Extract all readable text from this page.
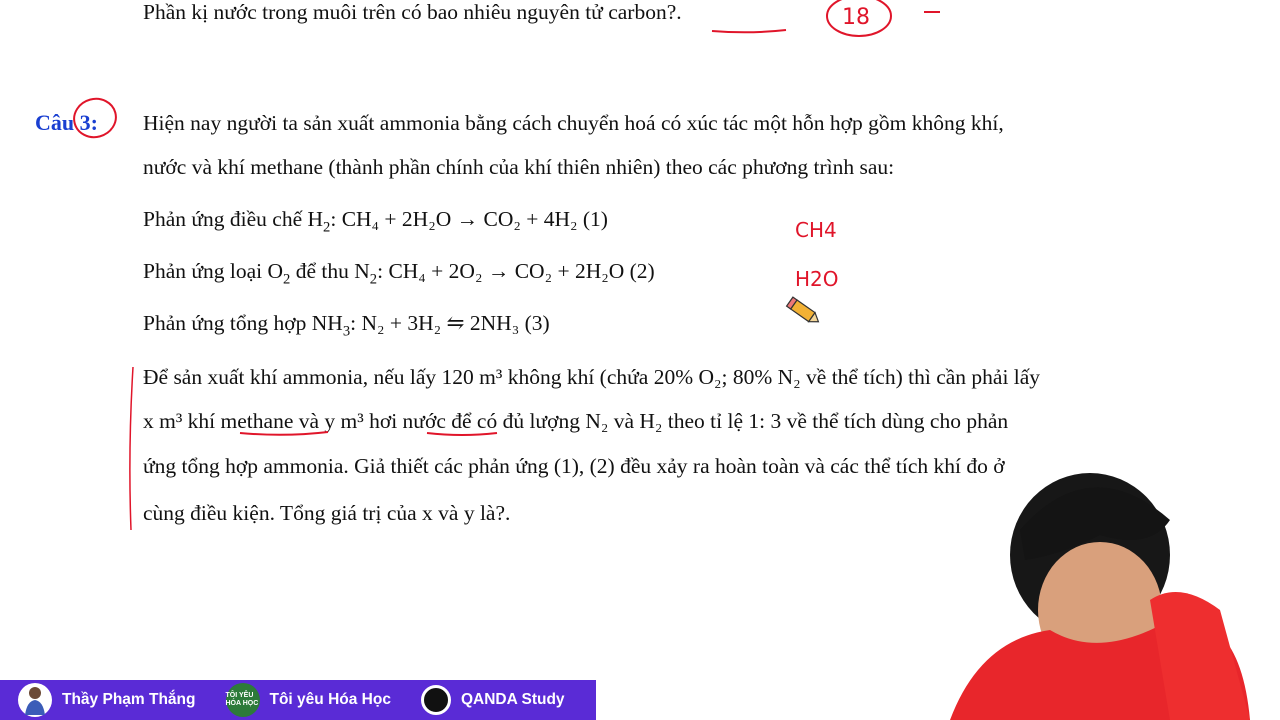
Phần kị nước trong muôi trên có bao nhiêu nguyên tử carbon?.
Câu 3: Hiện nay người ta sản xuất ammonia bằng cách chuyển hoá có xúc tác một hỗn hợp gồm không khí,
nước và khí methane (thành phần chính của khí thiên nhiên) theo các phương trình sau:
Phản ứng điều chế $H_2$: CH₄ + 2H₂O → CO₂ + 4H₂ (1)
Phản ứng loại $O_2$ để thu $N_2$: CH₄ + 2O₂ → CO₂ + 2H₂O (2)
Phản ứng tổng hợp $NH_3$: N₂ + 3H₂ ⇋ 2NH₃ (3)
Để sản xuất khí ammonia, nếu lấy 120 m³ không khí (chứa 20% O₂; 80% N₂ về thể tích) thì cần phải lấy
x m³ khí methane và y m³ hơi nước để có đủ lượng N₂ và H₂ theo tỉ lệ 1: 3 về thể tích dùng cho phản
ứng tổng hợp ammonia. Giả thiết các phản ứng (1), (2) đều xảy ra hoàn toàn và các thể tích khí đo ở
cùng điều kiện. Tổng giá trị của x và y là?.
18
CH4
H2O
Thầy Phạm Thắng	TÔI YÊU HÓA HỌC Tôi yêu Hóa Học	QANDA Study
